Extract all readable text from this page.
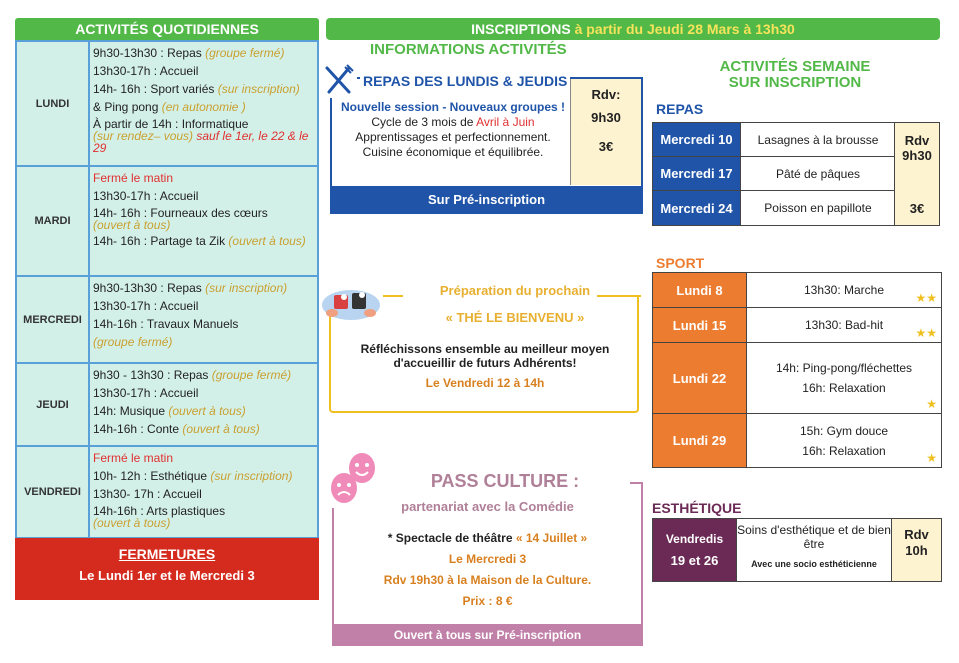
ACTIVITÉS QUOTIDIENNES
LUNDI
9h30-13h30 : Repas (groupe fermé)
13h30-17h : Accueil
14h- 16h : Sport variés (sur inscription)
& Ping pong (en autonomie )
À partir de 14h : Informatique
(sur rendez– vous) sauf le 1er, le 22 & le 29
MARDI
Fermé le matin
13h30-17h : Accueil
14h- 16h : Fourneaux des cœurs
(ouvert à tous)
14h- 16h : Partage ta Zik (ouvert à tous)
MERCREDI
9h30-13h30 : Repas (sur inscription)
13h30-17h : Accueil
14h-16h : Travaux Manuels
(groupe fermé)
JEUDI
9h30 - 13h30 : Repas (groupe fermé)
13h30-17h : Accueil
14h: Musique (ouvert à tous)
14h-16h : Conte (ouvert à tous)
VENDREDI
Fermé le matin
10h- 12h : Esthétique (sur inscription)
13h30- 17h : Accueil
14h-16h : Arts plastiques
(ouvert à tous)
FERMETURES
Le Lundi 1er et le Mercredi 3
INSCRIPTIONS à partir du Jeudi 28 Mars à 13h30
INFORMATIONS ACTIVITÉS
REPAS DES LUNDIS & JEUDIS
Nouvelle session - Nouveaux groupes !
Cycle de 3 mois de Avril à Juin
Apprentissages et perfectionnement.
Cuisine économique et équilibrée.
Rdv:
9h30
3€
Sur Pré-inscription
Préparation du prochain
« THÉ LE BIENVENU »
Réfléchissons ensemble au meilleur moyen d'accueillir de futurs Adhérents!
Le Vendredi 12 à 14h
PASS CULTURE :
partenariat avec la Comédie
* Spectacle de théâtre « 14 Juillet »
Le Mercredi 3
Rdv 19h30 à la Maison de la Culture.
Prix : 8 €
Ouvert à tous sur Pré-inscription
ACTIVITÉS SEMAINE
SUR INSCRIPTION
REPAS
Mercredi 10	Lasagnes à la brousse
Mercredi 17	Pâté de pâques
Mercredi 24	Poisson en papillote
Rdv
9h30
3€
SPORT
Lundi 8	13h30: Marche
★★
Lundi 15	13h30: Bad-hit
★★
Lundi 22
14h: Ping-pong/fléchettes
16h: Relaxation
★
Lundi 29
15h: Gym douce
16h: Relaxation
★
ESTHÉTIQUE
Vendredis
19 et 26
Soins d'esthétique et de bien être
Avec une socio esthéticienne
Rdv
10h
